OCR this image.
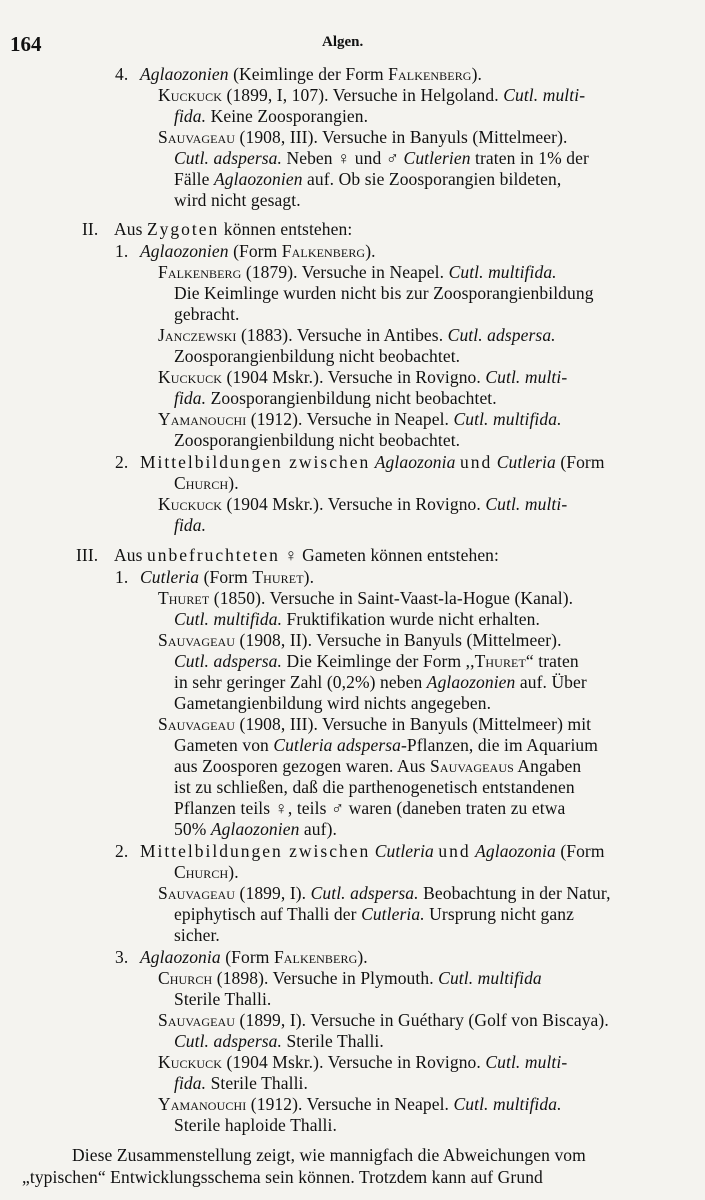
164	Algen.
4. Aglaozonien (Keimlinge der Form Falkenberg).
Kuckuck (1899, I, 107). Versuche in Helgoland. Cutl. multi-
fida. Keine Zoosporangien.
Sauvageau (1908, III). Versuche in Banyuls (Mittelmeer).
Cutl. adspersa. Neben ♀ und ♂ Cutlerien traten in 1% der
Fälle Aglaozonien auf. Ob sie Zoosporangien bildeten,
wird nicht gesagt.
II. Aus Zygoten können entstehen:
1. Aglaozonien (Form Falkenberg).
Falkenberg (1879). Versuche in Neapel. Cutl. multifida.
Die Keimlinge wurden nicht bis zur Zoosporangienbildung
gebracht.
Janczewski (1883). Versuche in Antibes. Cutl. adspersa.
Zoosporangienbildung nicht beobachtet.
Kuckuck (1904 Mskr.). Versuche in Rovigno. Cutl. multi-
fida. Zoosporangienbildung nicht beobachtet.
Yamanouchi (1912). Versuche in Neapel. Cutl. multifida.
Zoosporangienbildung nicht beobachtet.
2. Mittelbildungen zwischen Aglaozonia und Cutleria (Form
Church).
Kuckuck (1904 Mskr.). Versuche in Rovigno. Cutl. multi-
fida.
III. Aus unbefruchteten ♀ Gameten können entstehen:
1. Cutleria (Form Thuret).
Thuret (1850). Versuche in Saint-Vaast-la-Hogue (Kanal).
Cutl. multifida. Fruktifikation wurde nicht erhalten.
Sauvageau (1908, II). Versuche in Banyuls (Mittelmeer).
Cutl. adspersa. Die Keimlinge der Form ,,Thuret“ traten
in sehr geringer Zahl (0,2%) neben Aglaozonien auf. Über
Gametangienbildung wird nichts angegeben.
Sauvageau (1908, III). Versuche in Banyuls (Mittelmeer) mit
Gameten von Cutleria adspersa-Pflanzen, die im Aquarium
aus Zoosporen gezogen waren. Aus Sauvageaus Angaben
ist zu schließen, daß die parthenogenetisch entstandenen
Pflanzen teils ♀, teils ♂ waren (daneben traten zu etwa
50% Aglaozonien auf).
2. Mittelbildungen zwischen Cutleria und Aglaozonia (Form
Church).
Sauvageau (1899, I). Cutl. adspersa. Beobachtung in der Natur,
epiphytisch auf Thalli der Cutleria. Ursprung nicht ganz
sicher.
3. Aglaozonia (Form Falkenberg).
Church (1898). Versuche in Plymouth. Cutl. multifida
Sterile Thalli.
Sauvageau (1899, I). Versuche in Guéthary (Golf von Biscaya).
Cutl. adspersa. Sterile Thalli.
Kuckuck (1904 Mskr.). Versuche in Rovigno. Cutl. multi-
fida. Sterile Thalli.
Yamanouchi (1912). Versuche in Neapel. Cutl. multifida.
Sterile haploide Thalli.
Diese Zusammenstellung zeigt, wie mannigfach die Abweichungen vom
„typischen“ Entwicklungsschema sein können. Trotzdem kann auf Grund
